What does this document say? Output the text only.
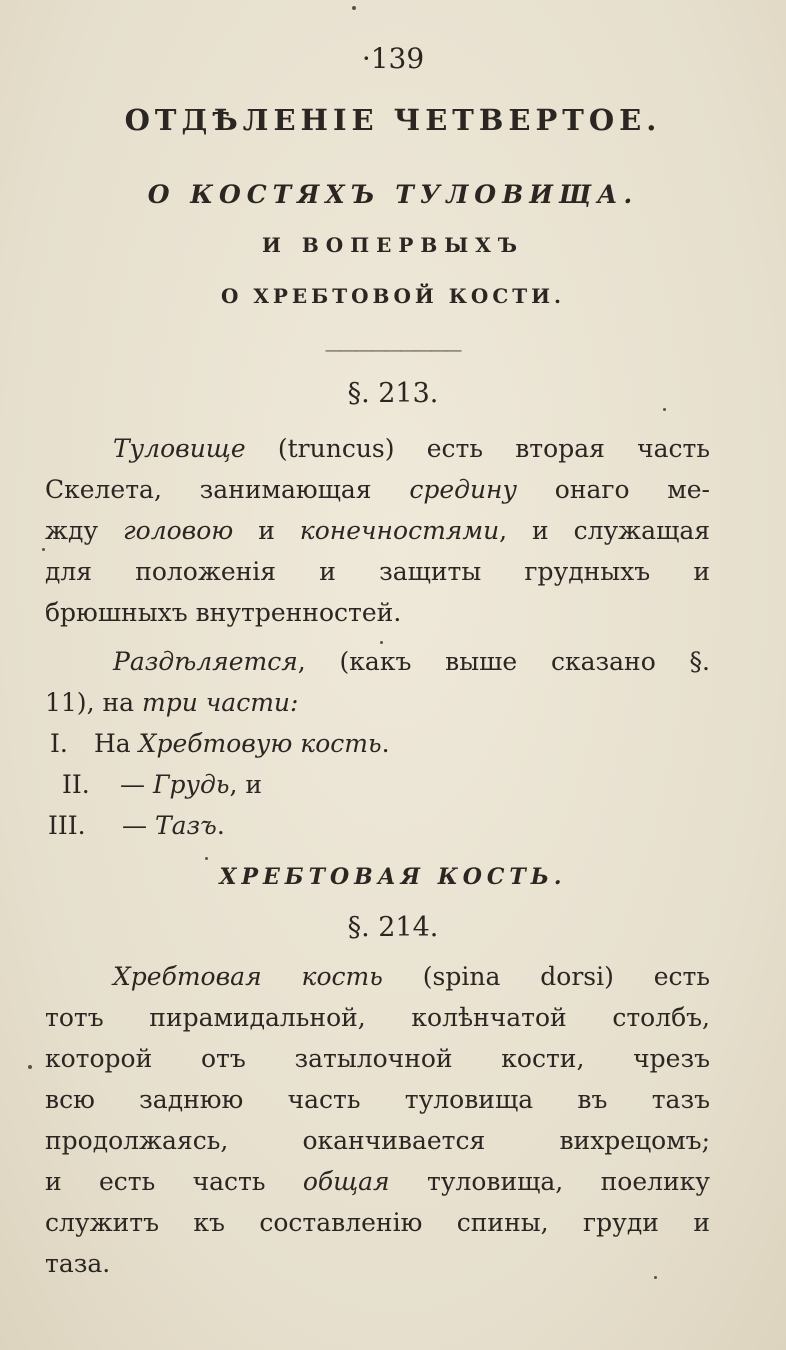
·139
ОТДѢЛЕНІЕ ЧЕТВЕРТОЕ.
О КОСТЯХЪ ТУЛОВИЩА.
И ВОПЕРВЫХЪ
О ХРЕБТОВОЙ КОСТИ.
⸏⸏⸏⸏⸏⸏⸏⸏⸏
§. 213.
Туловище (truncus) есть вторая часть
Скелета, занимающая средину онаго ме-
жду головою и конечностями, и служащая
для положенія и защиты грудныхъ и
брюшныхъ внутренностей.
Раздѣляется, (какъ выше сказано §.
11), на три части:
I. На Хребтовую кость.
II. — Грудь, и
III. — Тазъ.
ХРЕБТОВАЯ КОСТЬ.
§. 214.
Хребтовая кость (spina dorsi) есть
тотъ пирамидальной, колѣнчатой столбъ,
которой отъ затылочной кости, чрезъ
всю заднюю часть туловища въ тазъ
продолжаясь, оканчивается вихрецомъ;
и есть часть общая туловища, поелику
служитъ къ составленію спины, груди и
таза.
